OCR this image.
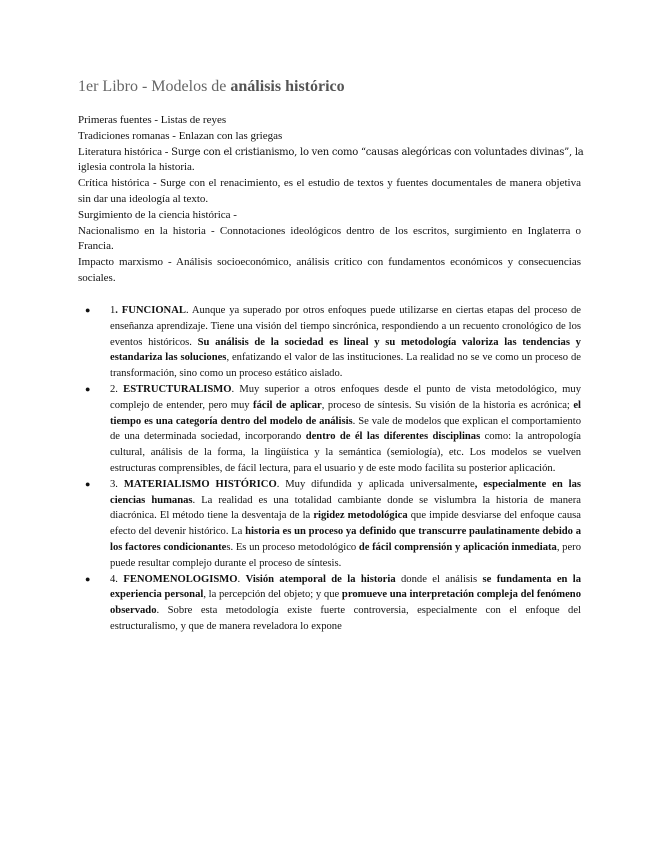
1er Libro - Modelos de análisis histórico

Primeras fuentes - Listas de reyes

Tradiciones romanas - Enlazan con las griegas

Literatura histórica - Surge con el cristianismo, lo ven como “causas alegóricas con voluntades divinas”, la

iglesia controla la historia.

Crítica histórica - Surge con el renacimiento, es el estudio de textos y fuentes documentales de manera objetiva sin dar una ideología al texto.

Surgimiento de la ciencia histórica -

Nacionalismo en la historia - Connotaciones ideológicos dentro de los escritos, surgimiento en Inglaterra o Francia.

Impacto marxismo - Análisis socioeconómico, análisis crítico con fundamentos económicos y consecuencias sociales.

● 1. FUNCIONAL. Aunque ya superado por otros enfoques puede utilizarse en ciertas etapas del proceso de enseñanza aprendizaje. Tiene una visión del tiempo sincrónica, respondiendo a un recuento cronológico de los eventos históricos. Su análisis de la sociedad es lineal y su metodología valoriza las tendencias y estandariza las soluciones, enfatizando el valor de las instituciones. La realidad no se ve como un proceso de transformación, sino como un proceso estático aislado.
● 2. ESTRUCTURALISMO. Muy superior a otros enfoques desde el punto de vista metodológico, muy complejo de entender, pero muy fácil de aplicar, proceso de síntesis. Su visión de la historia es acrónica; el tiempo es una categoría dentro del modelo de análisis. Se vale de modelos que explican el comportamiento de una determinada sociedad, incorporando dentro de él las diferentes disciplinas como: la antropología cultural, análisis de la forma, la lingüística y la semántica (semiología), etc. Los modelos se vuelven estructuras comprensibles, de fácil lectura, para el usuario y de este modo facilita su posterior aplicación.
● 3. MATERIALISMO HISTÓRICO. Muy difundida y aplicada universalmente, especialmente en las ciencias humanas. La realidad es una totalidad cambiante donde se vislumbra la historia de manera diacrónica. El método tiene la desventaja de la rigidez metodológica que impide desviarse del enfoque causa efecto del devenir histórico. La historia es un proceso ya definido que transcurre paulatinamente debido a los factores condicionantes. Es un proceso metodológico de fácil comprensión y aplicación inmediata, pero puede resultar complejo durante el proceso de síntesis.
● 4. FENOMENOLOGISMO. Visión atemporal de la historia donde el análisis se fundamenta en la experiencia personal, la percepción del objeto; y que promueve una interpretación compleja del fenómeno observado. Sobre esta metodología existe fuerte controversia, especialmente con el enfoque del estructuralismo, y que de manera reveladora lo expone
